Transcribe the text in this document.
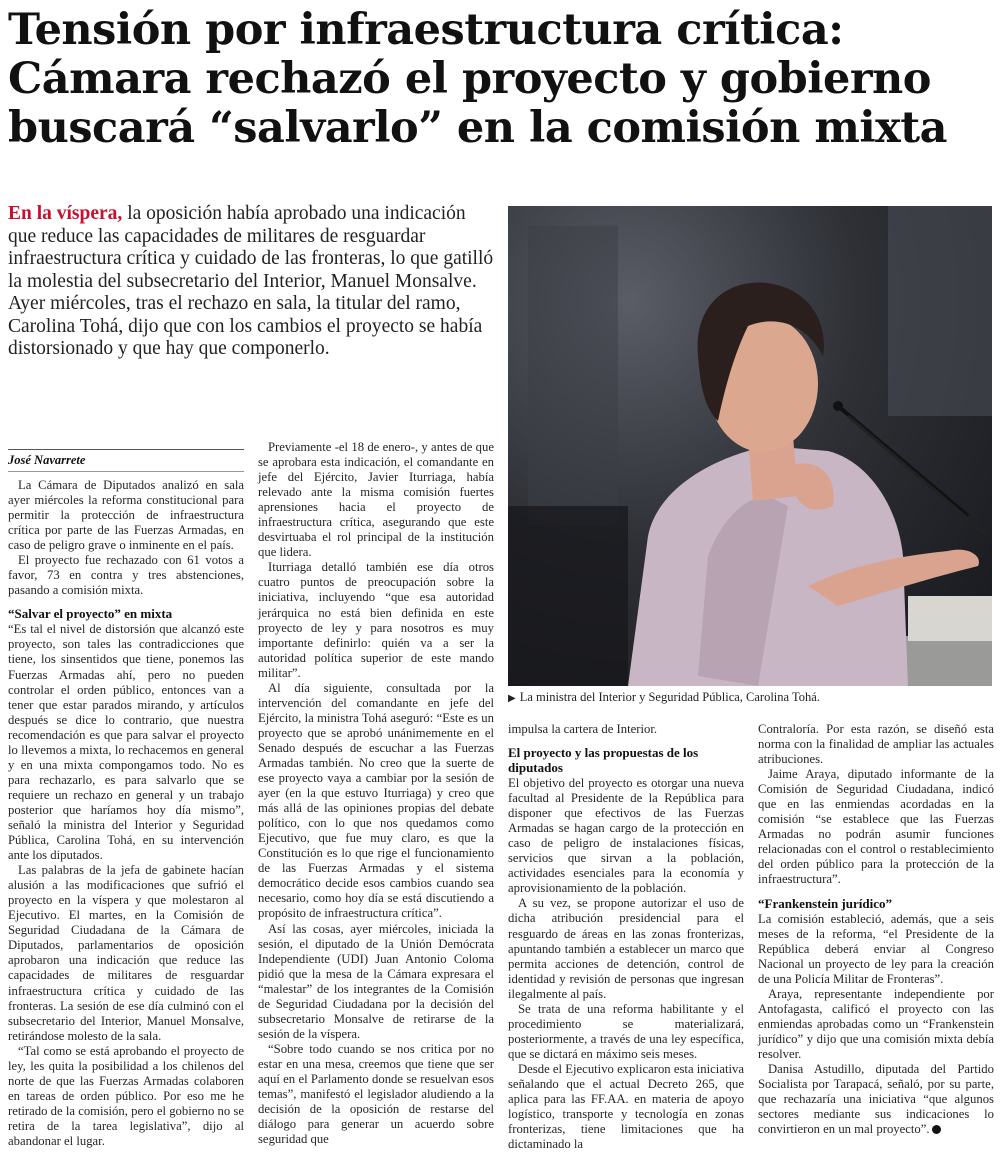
Tensión por infraestructura crítica: Cámara rechazó el proyecto y gobierno buscará “salvarlo” en la comisión mixta

En la víspera, la oposición había aprobado una indicación que reduce las capacidades de militares de resguardar infraestructura crítica y cuidado de las fronteras, lo que gatilló la molestia del subsecretario del Interior, Manuel Monsalve. Ayer miércoles, tras el rechazo en sala, la titular del ramo, Carolina Tohá, dijo que con los cambios el proyecto se había distorsionado y que hay que componerlo.

▶ La ministra del Interior y Seguridad Pública, Carolina Tohá.
José Navarrete

La Cámara de Diputados analizó en sala ayer miércoles la reforma constitucional para permitir la protección de infraestructura crítica por parte de las Fuerzas Armadas, en caso de peligro grave o inminente en el país.

El proyecto fue rechazado con 61 votos a favor, 73 en contra y tres abstenciones, pasando a comisión mixta.

“Salvar el proyecto” en mixta

“Es tal el nivel de distorsión que alcanzó este proyecto, son tales las contradicciones que tiene, los sinsentidos que tiene, ponemos las Fuerzas Armadas ahí, pero no pueden controlar el orden público, entonces van a tener que estar parados mirando, y artículos después se dice lo contrario, que nuestra recomendación es que para salvar el proyecto lo llevemos a mixta, lo rechacemos en general y en una mixta compongamos todo. No es para rechazarlo, es para salvarlo que se requiere un rechazo en general y un trabajo posterior que haríamos hoy día mismo”, señaló la ministra del Interior y Seguridad Pública, Carolina Tohá, en su intervención ante los diputados.

Las palabras de la jefa de gabinete hacían alusión a las modificaciones que sufrió el proyecto en la víspera y que molestaron al Ejecutivo. El martes, en la Comisión de Seguridad Ciudadana de la Cámara de Diputados, parlamentarios de oposición aprobaron una indicación que reduce las capacidades de militares de resguardar infraestructura crítica y cuidado de las fronteras. La sesión de ese día culminó con el subsecretario del Interior, Manuel Monsalve, retirándose molesto de la sala.

“Tal como se está aprobando el proyecto de ley, les quita la posibilidad a los chilenos del norte de que las Fuerzas Armadas colaboren en tareas de orden público. Por eso me he retirado de la comisión, pero el gobierno no se retira de la tarea legislativa”, dijo al abandonar el lugar.

Previamente -el 18 de enero-, y antes de que se aprobara esta indicación, el comandante en jefe del Ejército, Javier Iturriaga, había relevado ante la misma comisión fuertes aprensiones hacia el proyecto de infraestructura crítica, asegurando que este desvirtuaba el rol principal de la institución que lidera.

Iturriaga detalló también ese día otros cuatro puntos de preocupación sobre la iniciativa, incluyendo “que esa autoridad jerárquica no está bien definida en este proyecto de ley y para nosotros es muy importante definirlo: quién va a ser la autoridad política superior de este mando militar”.

Al día siguiente, consultada por la intervención del comandante en jefe del Ejército, la ministra Tohá aseguró: “Este es un proyecto que se aprobó unánimemente en el Senado después de escuchar a las Fuerzas Armadas también. No creo que la suerte de ese proyecto vaya a cambiar por la sesión de ayer (en la que estuvo Iturriaga) y creo que más allá de las opiniones propias del debate político, con lo que nos quedamos como Ejecutivo, que fue muy claro, es que la Constitución es lo que rige el funcionamiento de las Fuerzas Armadas y el sistema democrático decide esos cambios cuando sea necesario, como hoy día se está discutiendo a propósito de infraestructura crítica”.

Así las cosas, ayer miércoles, iniciada la sesión, el diputado de la Unión Demócrata Independiente (UDI) Juan Antonio Coloma pidió que la mesa de la Cámara expresara el “malestar” de los integrantes de la Comisión de Seguridad Ciudadana por la decisión del subsecretario Monsalve de retirarse de la sesión de la víspera.

“Sobre todo cuando se nos critica por no estar en una mesa, creemos que tiene que ser aquí en el Parlamento donde se resuelvan esos temas”, manifestó el legislador aludiendo a la decisión de la oposición de restarse del diálogo para generar un acuerdo sobre seguridad que

impulsa la cartera de Interior.

El proyecto y las propuestas de los diputados

El objetivo del proyecto es otorgar una nueva facultad al Presidente de la República para disponer que efectivos de las Fuerzas Armadas se hagan cargo de la protección en caso de peligro de instalaciones físicas, servicios que sirvan a la población, actividades esenciales para la economía y aprovisionamiento de la población.

A su vez, se propone autorizar el uso de dicha atribución presidencial para el resguardo de áreas en las zonas fronterizas, apuntando también a establecer un marco que permita acciones de detención, control de identidad y revisión de personas que ingresan ilegalmente al país.

Se trata de una reforma habilitante y el procedimiento se materializará, posteriormente, a través de una ley específica, que se dictará en máximo seis meses.

Desde el Ejecutivo explicaron esta iniciativa señalando que el actual Decreto 265, que aplica para las FF.AA. en materia de apoyo logístico, transporte y tecnología en zonas fronterizas, tiene limitaciones que ha dictaminado la

Contraloría. Por esta razón, se diseñó esta norma con la finalidad de ampliar las actuales atribuciones.

Jaime Araya, diputado informante de la Comisión de Seguridad Ciudadana, indicó que en las enmiendas acordadas en la comisión “se establece que las Fuerzas Armadas no podrán asumir funciones relacionadas con el control o restablecimiento del orden público para la protección de la infraestructura”.

“Frankenstein jurídico”

La comisión estableció, además, que a seis meses de la reforma, “el Presidente de la República deberá enviar al Congreso Nacional un proyecto de ley para la creación de una Policía Militar de Fronteras”.

Araya, representante independiente por Antofagasta, calificó el proyecto con las enmiendas aprobadas como un “Frankenstein jurídico” y dijo que una comisión mixta debía resolver.

Danisa Astudillo, diputada del Partido Socialista por Tarapacá, señaló, por su parte, que rechazaría una iniciativa “que algunos sectores mediante sus indicaciones lo convirtieron en un mal proyecto”.
